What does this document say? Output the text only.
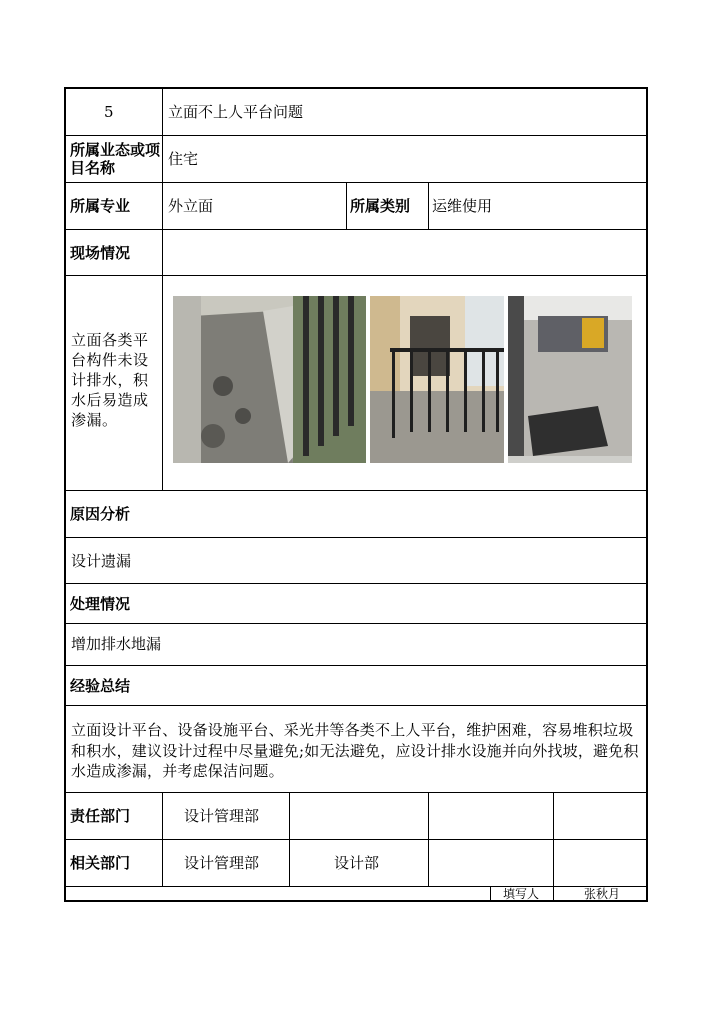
5	立面不上人平台问题
所属业态或项目名称	住宅
所属专业	外立面	所属类别 运维使用
现场情况
立面各类平台构件未设计排水，积水后易造成渗漏。
原因分析
设计遗漏
处理情况
增加排水地漏
经验总结
立面设计平台、设备设施平台、采光井等各类不上人平台，维护困难，容易堆积垃圾和积水，建议设计过程中尽量避免;如无法避免，应设计排水设施并向外找坡，避免积水造成渗漏，并考虑保洁问题。
责任部门	设计管理部
相关部门	设计管理部	设计部
填写人	张秋月
